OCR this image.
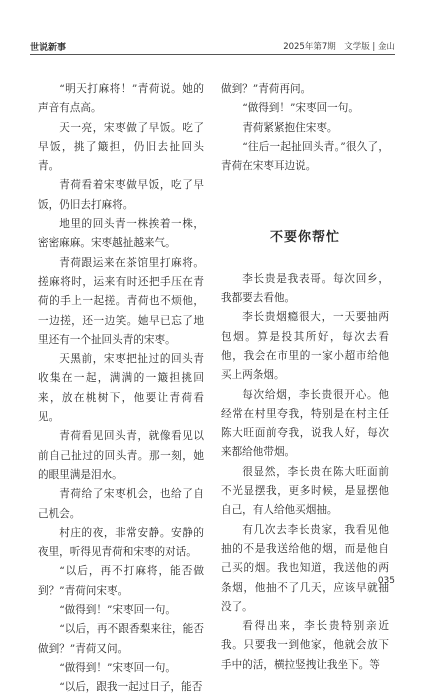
世说新事	2025年第7期　文学版 | 金山

“明天打麻将！”青荷说。她的声音有点高。

天一亮，宋枣做了早饭。吃了早饭，挑了簸担，仍旧去扯回头青。

青荷看着宋枣做早饭，吃了早饭，仍旧去打麻将。

地里的回头青一株挨着一株，密密麻麻。宋枣越扯越来气。

青荷跟运来在茶馆里打麻将。搓麻将时，运来有时还把手压在青荷的手上一起搓。青荷也不烦他，一边搓，还一边笑。她早已忘了地里还有一个扯回头青的宋枣。

天黑前，宋枣把扯过的回头青收集在一起，满满的一簸担挑回来，放在桃树下，他要让青荷看见。

青荷看见回头青，就像看见以前自己扯过的回头青。那一刻，她的眼里满是泪水。

青荷给了宋枣机会，也给了自己机会。

村庄的夜，非常安静。安静的夜里，听得见青荷和宋枣的对话。

“以后，再不打麻将，能否做到？”青荷问宋枣。

“做得到！”宋枣回一句。

“以后，再不跟香梨来往，能否做到？”青荷又问。

“做得到！”宋枣回一句。

“以后，跟我一起过日子，能否

做到？”青荷再问。

“做得到！”宋枣回一句。

青荷紧紧抱住宋枣。

“往后一起扯回头青。”很久了，青荷在宋枣耳边说。

不要你帮忙

李长贵是我表哥。每次回乡，我都要去看他。

李长贵烟瘾很大，一天要抽两包烟。算是投其所好，每次去看他，我会在市里的一家小超市给他买上两条烟。

每次给烟，李长贵很开心。他经常在村里夸我，特别是在村主任陈大旺面前夸我，说我人好，每次来都给他带烟。

很显然，李长贵在陈大旺面前不光显摆我，更多时候，是显摆他自己，有人给他买烟抽。

有几次去李长贵家，我看见他抽的不是我送给他的烟，而是他自己买的烟。我也知道，我送他的两条烟，他抽不了几天，应该早就抽没了。

看得出来，李长贵特别亲近我。只要我一到他家，他就会放下手中的活，横拉竖拽让我坐下。等

035
